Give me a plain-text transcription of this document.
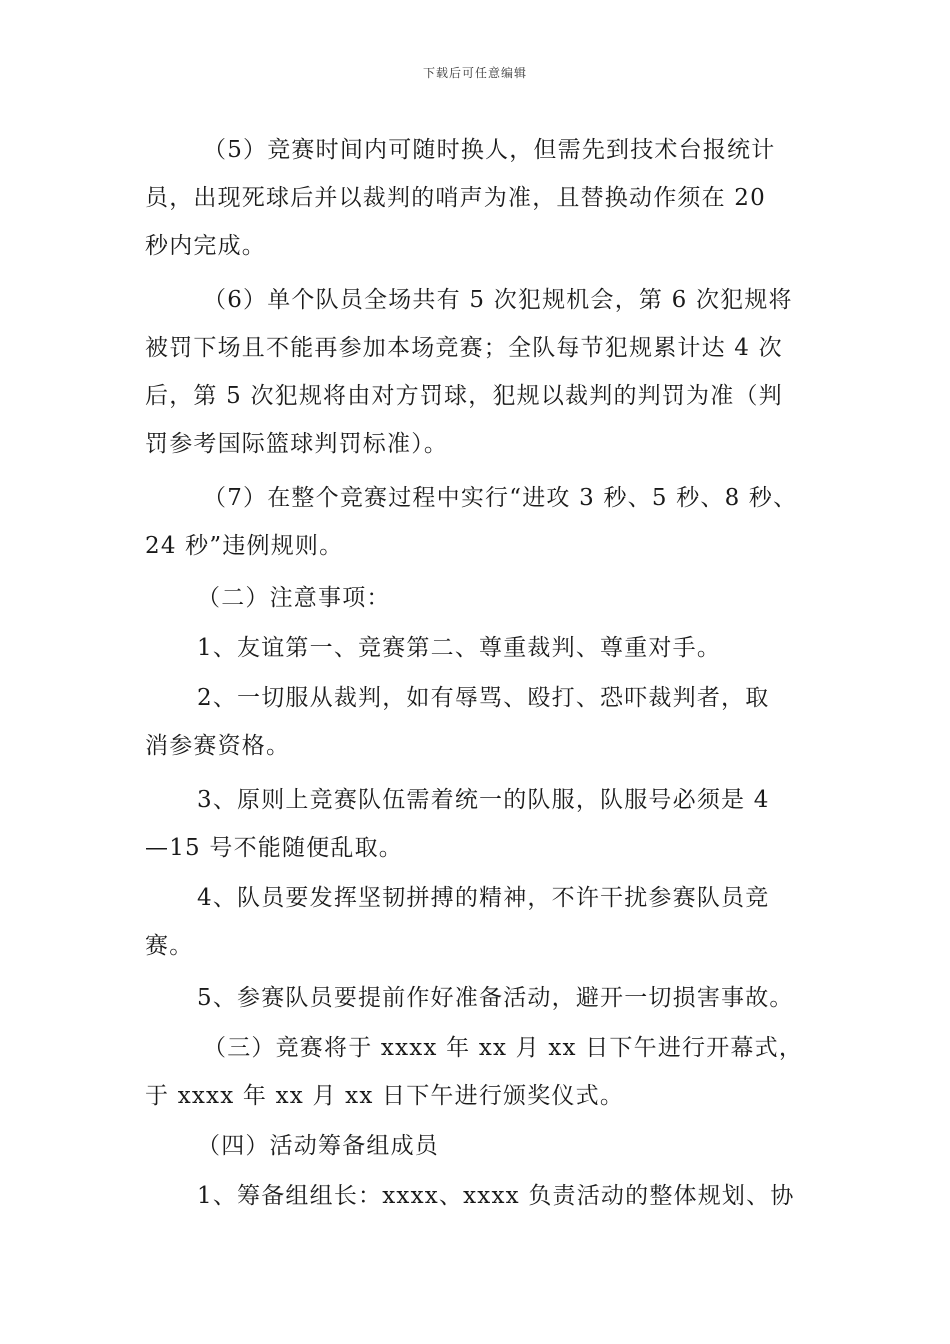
下载后可任意编辑
（5）竞赛时间内可随时换人，但需先到技术台报统计
员，出现死球后并以裁判的哨声为准，且替换动作须在 20
秒内完成。
（6）单个队员全场共有 5 次犯规机会，第 6 次犯规将
被罚下场且不能再参加本场竞赛；全队每节犯规累计达 4 次
后，第 5 次犯规将由对方罚球，犯规以裁判的判罚为准（判
罚参考国际篮球判罚标准）。
（7）在整个竞赛过程中实行“进攻 3 秒、5 秒、8 秒、
24 秒”违例规则。
（二）注意事项：
1、友谊第一、竞赛第二、尊重裁判、尊重对手。
2、一切服从裁判，如有辱骂、殴打、恐吓裁判者，取
消参赛资格。
3、原则上竞赛队伍需着统一的队服，队服号必须是 4
—15 号不能随便乱取。
4、队员要发挥坚韧拼搏的精神，不许干扰参赛队员竞
赛。
5、参赛队员要提前作好准备活动，避开一切损害事故。
（三）竞赛将于 xxxx 年 xx 月 xx 日下午进行开幕式，
于 xxxx 年 xx 月 xx 日下午进行颁奖仪式。
（四）活动筹备组成员
1、筹备组组长：xxxx、xxxx 负责活动的整体规划、协
